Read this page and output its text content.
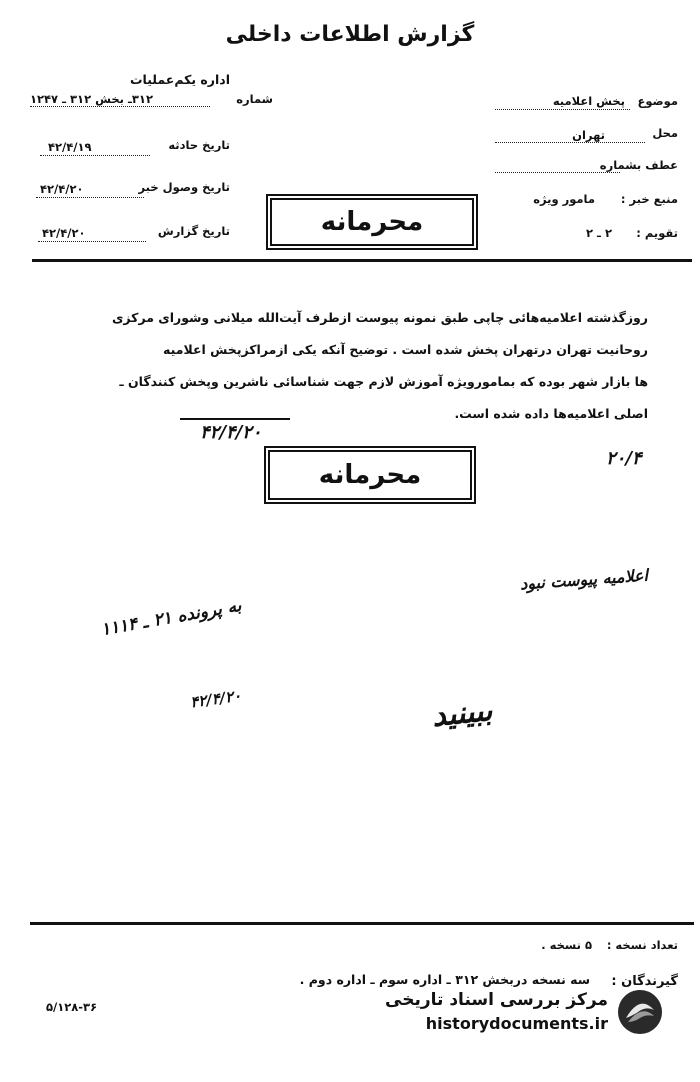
گزارش اطلاعات داخلی
اداره یکم‌عملیات
شماره
۳۱۲ـ بخش ۳۱۲ ـ ۱۲۴۷
تاریخ حادثه
۴۲/۴/۱۹
تاریخ وصول خبر
۴۲/۴/۲۰
تاریخ گزارش
۴۲/۴/۲۰
موضوع
پخش اعلامیه
محل
تهران
عطف بشماره
منبع خبر :
مامور ویژه
تقویم :
۲ ـ ۲
محرمانه
روزگذشته اعلامیه‌هائی چاپی طبق نمونه پیوست ازطرف آیت‌الله میلانی وشورای مرکزی
روحانیت تهران درتهران پخش شده است . توضیح آنکه یکی ازمراکزپخش اعلامیه
ها بازار شهر بوده که بمامورویژه آموزش لازم جهت شناسائی ناشرین وپخش کنندگان ـ
اصلی اعلامیه‌ها داده شده است.
۴۲/۴/۲۰
۲۰/۴
محرمانه
اعلامیه پیوست نبود
به پرونده ۲۱ ـ ۱۱۱۴
۴۲/۴/۲۰	ببینید
تعداد نسخه :
۵ نسخه .
گیرندگان :
سه نسخه دربخش ۳۱۲ ـ اداره سوم ـ اداره دوم .
۵/۱۲۸-۳۶	مرکز بررسی اسناد تاریخی
historydocuments.ir
